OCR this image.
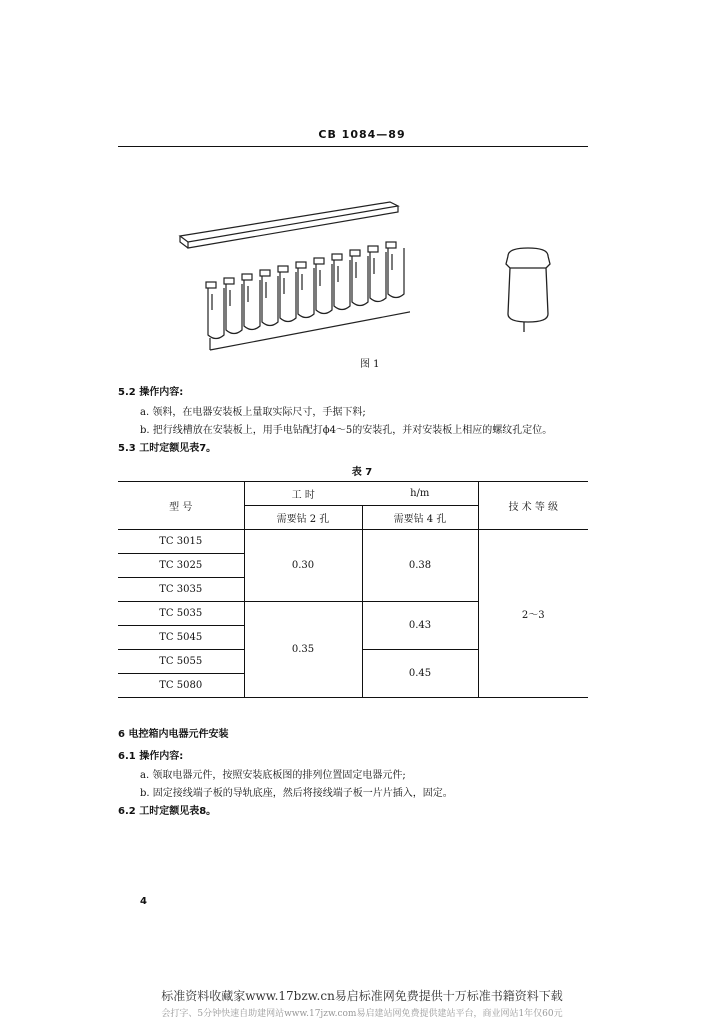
CB 1084—89
图 1
5.2 操作内容:
a. 领料，在电器安装板上量取实际尺寸，手据下料;
b. 把行线槽放在安装板上，用手电钻配打ϕ4～5的安装孔，并对安装板上相应的螺纹孔定位。
5.3 工时定额见表7。
表 7
型 号	工 时	h/m	技 术 等 级
	需要钻 2 孔	需要钻 4 孔	
TC 3015	0.30	0.38	2～3
TC 3025			
TC 3035			
TC 5035	0.35	0.43	
TC 5045			
TC 5055		0.45	
TC 5080			
6 电控箱内电器元件安装
6.1 操作内容:
a. 领取电器元件，按照安装底板图的排列位置固定电器元件;
b. 固定接线端子板的导轨底座，然后将接线端子板一片片插入，固定。
6.2 工时定额见表8。
4
标准资料收藏家www.17bzw.cn易启标准网免费提供十万标准书籍资料下载
会打字、5分钟快速自助建网站www.17jzw.com易启建站网免费提供建站平台，商业网站1年仅60元
